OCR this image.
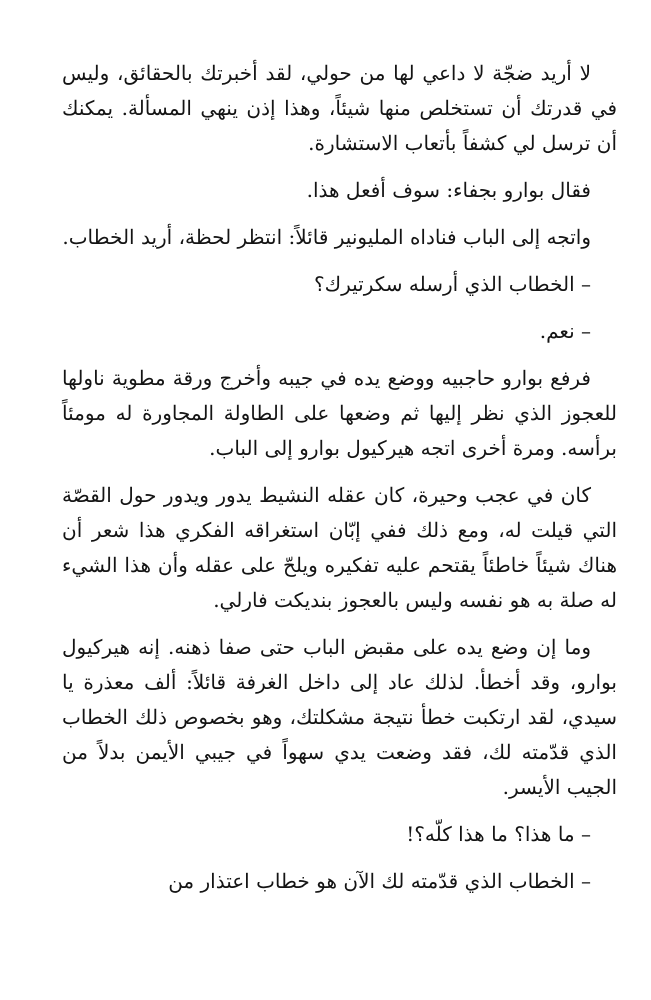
لا أريد ضجّة لا داعي لها من حولي، لقد أخبرتك بالحقائق، وليس في قدرتك أن تستخلص منها شيئاً، وهذا إذن ينهي المسألة. يمكنك أن ترسل لي كشفاً بأتعاب الاستشارة.

فقال بوارو بجفاء: سوف أفعل هذا.

واتجه إلى الباب فناداه المليونير قائلاً: انتظر لحظة، أريد الخطاب.

– الخطاب الذي أرسله سكرتيرك؟

– نعم.

فرفع بوارو حاجبيه ووضع يده في جيبه وأخرج ورقة مطوية ناولها للعجوز الذي نظر إليها ثم وضعها على الطاولة المجاورة له مومئاً برأسه. ومرة أخرى اتجه هيركيول بوارو إلى الباب.

كان في عجب وحيرة، كان عقله النشيط يدور ويدور حول القصّة التي قيلت له، ومع ذلك ففي إبّان استغراقه الفكري هذا شعر أن هناك شيئاً خاطئاً يقتحم عليه تفكيره ويلحّ على عقله وأن هذا الشيء له صلة به هو نفسه وليس بالعجوز بنديكت فارلي.

وما إن وضع يده على مقبض الباب حتى صفا ذهنه. إنه هيركيول بوارو، وقد أخطأ. لذلك عاد إلى داخل الغرفة قائلاً: ألف معذرة يا سيدي، لقد ارتكبت خطأ نتيجة مشكلتك، وهو بخصوص ذلك الخطاب الذي قدّمته لك، فقد وضعت يدي سهواً في جيبي الأيمن بدلاً من الجيب الأيسر.

– ما هذا؟ ما هذا كلّه؟!

– الخطاب الذي قدّمته لك الآن هو خطاب اعتذار من
